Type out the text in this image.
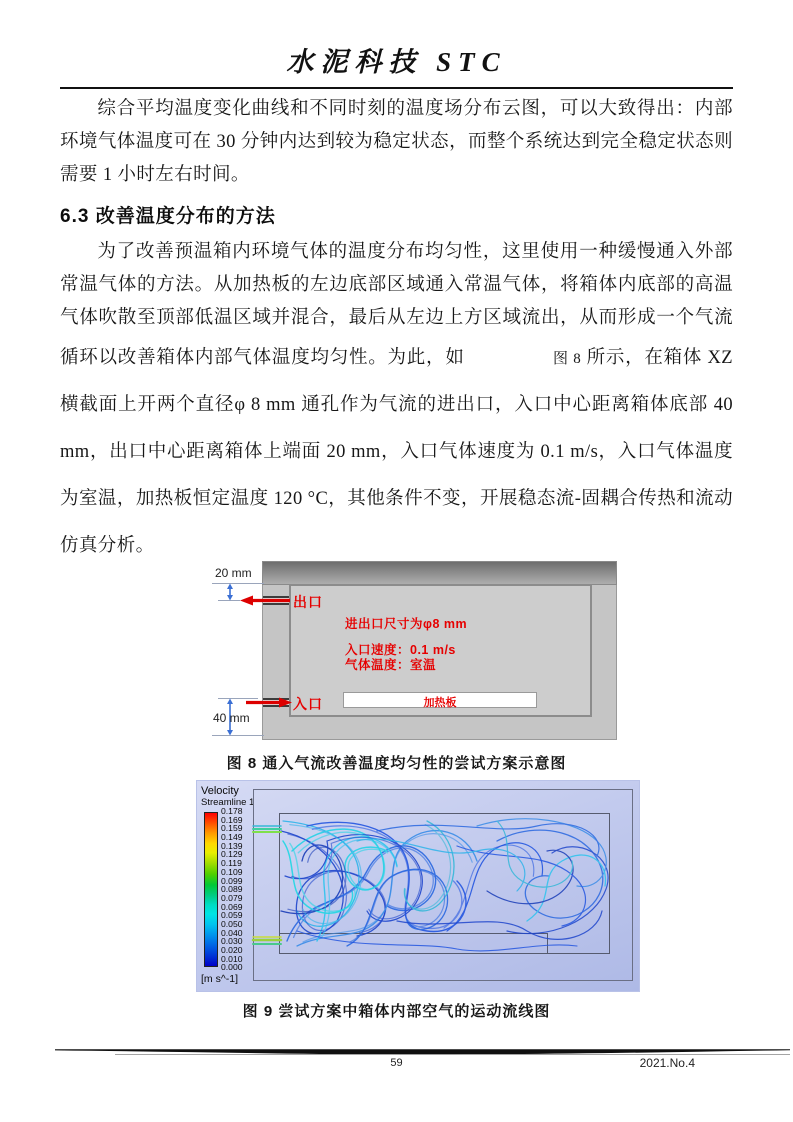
水泥科技 STC
综合平均温度变化曲线和不同时刻的温度场分布云图，可以大致得出：内部环境气体温度可在 30 分钟内达到较为稳定状态，而整个系统达到完全稳定状态则需要 1 小时左右时间。
6.3 改善温度分布的方法
为了改善预温箱内环境气体的温度分布均匀性，这里使用一种缓慢通入外部常温气体的方法。从加热板的左边底部区域通入常温气体，将箱体内底部的高温气体吹散至顶部低温区域并混合，最后从左边上方区域流出，从而形成一个气流循环以改善箱体内部气体温度均匀性。为此，如	图 8 所示，在箱体 XZ 横截面上开两个直径φ 8 mm 通孔作为气流的进出口，入口中心距离箱体底部 40 mm，出口中心距离箱体上端面 20 mm，入口气体速度为 0.1 m/s，入口气体温度为室温，加热板恒定温度 120 °C，其他条件不变，开展稳态流-固耦合传热和流动仿真分析。
加热板
出口
入口
进出口尺寸为φ8 mm
入口速度：0.1 m/s
气体温度：室温
20 mm
40 mm
图 8 通入气流改善温度均匀性的尝试方案示意图
Velocity
Streamline 1
0.178
0.169
0.159
0.149
0.139
0.129
0.119
0.109
0.099
0.089
0.079
0.069
0.059
0.050
0.040
0.030
0.020
0.010
0.000
[m s^-1]
图 9 尝试方案中箱体内部空气的运动流线图
59	2021.No.4
